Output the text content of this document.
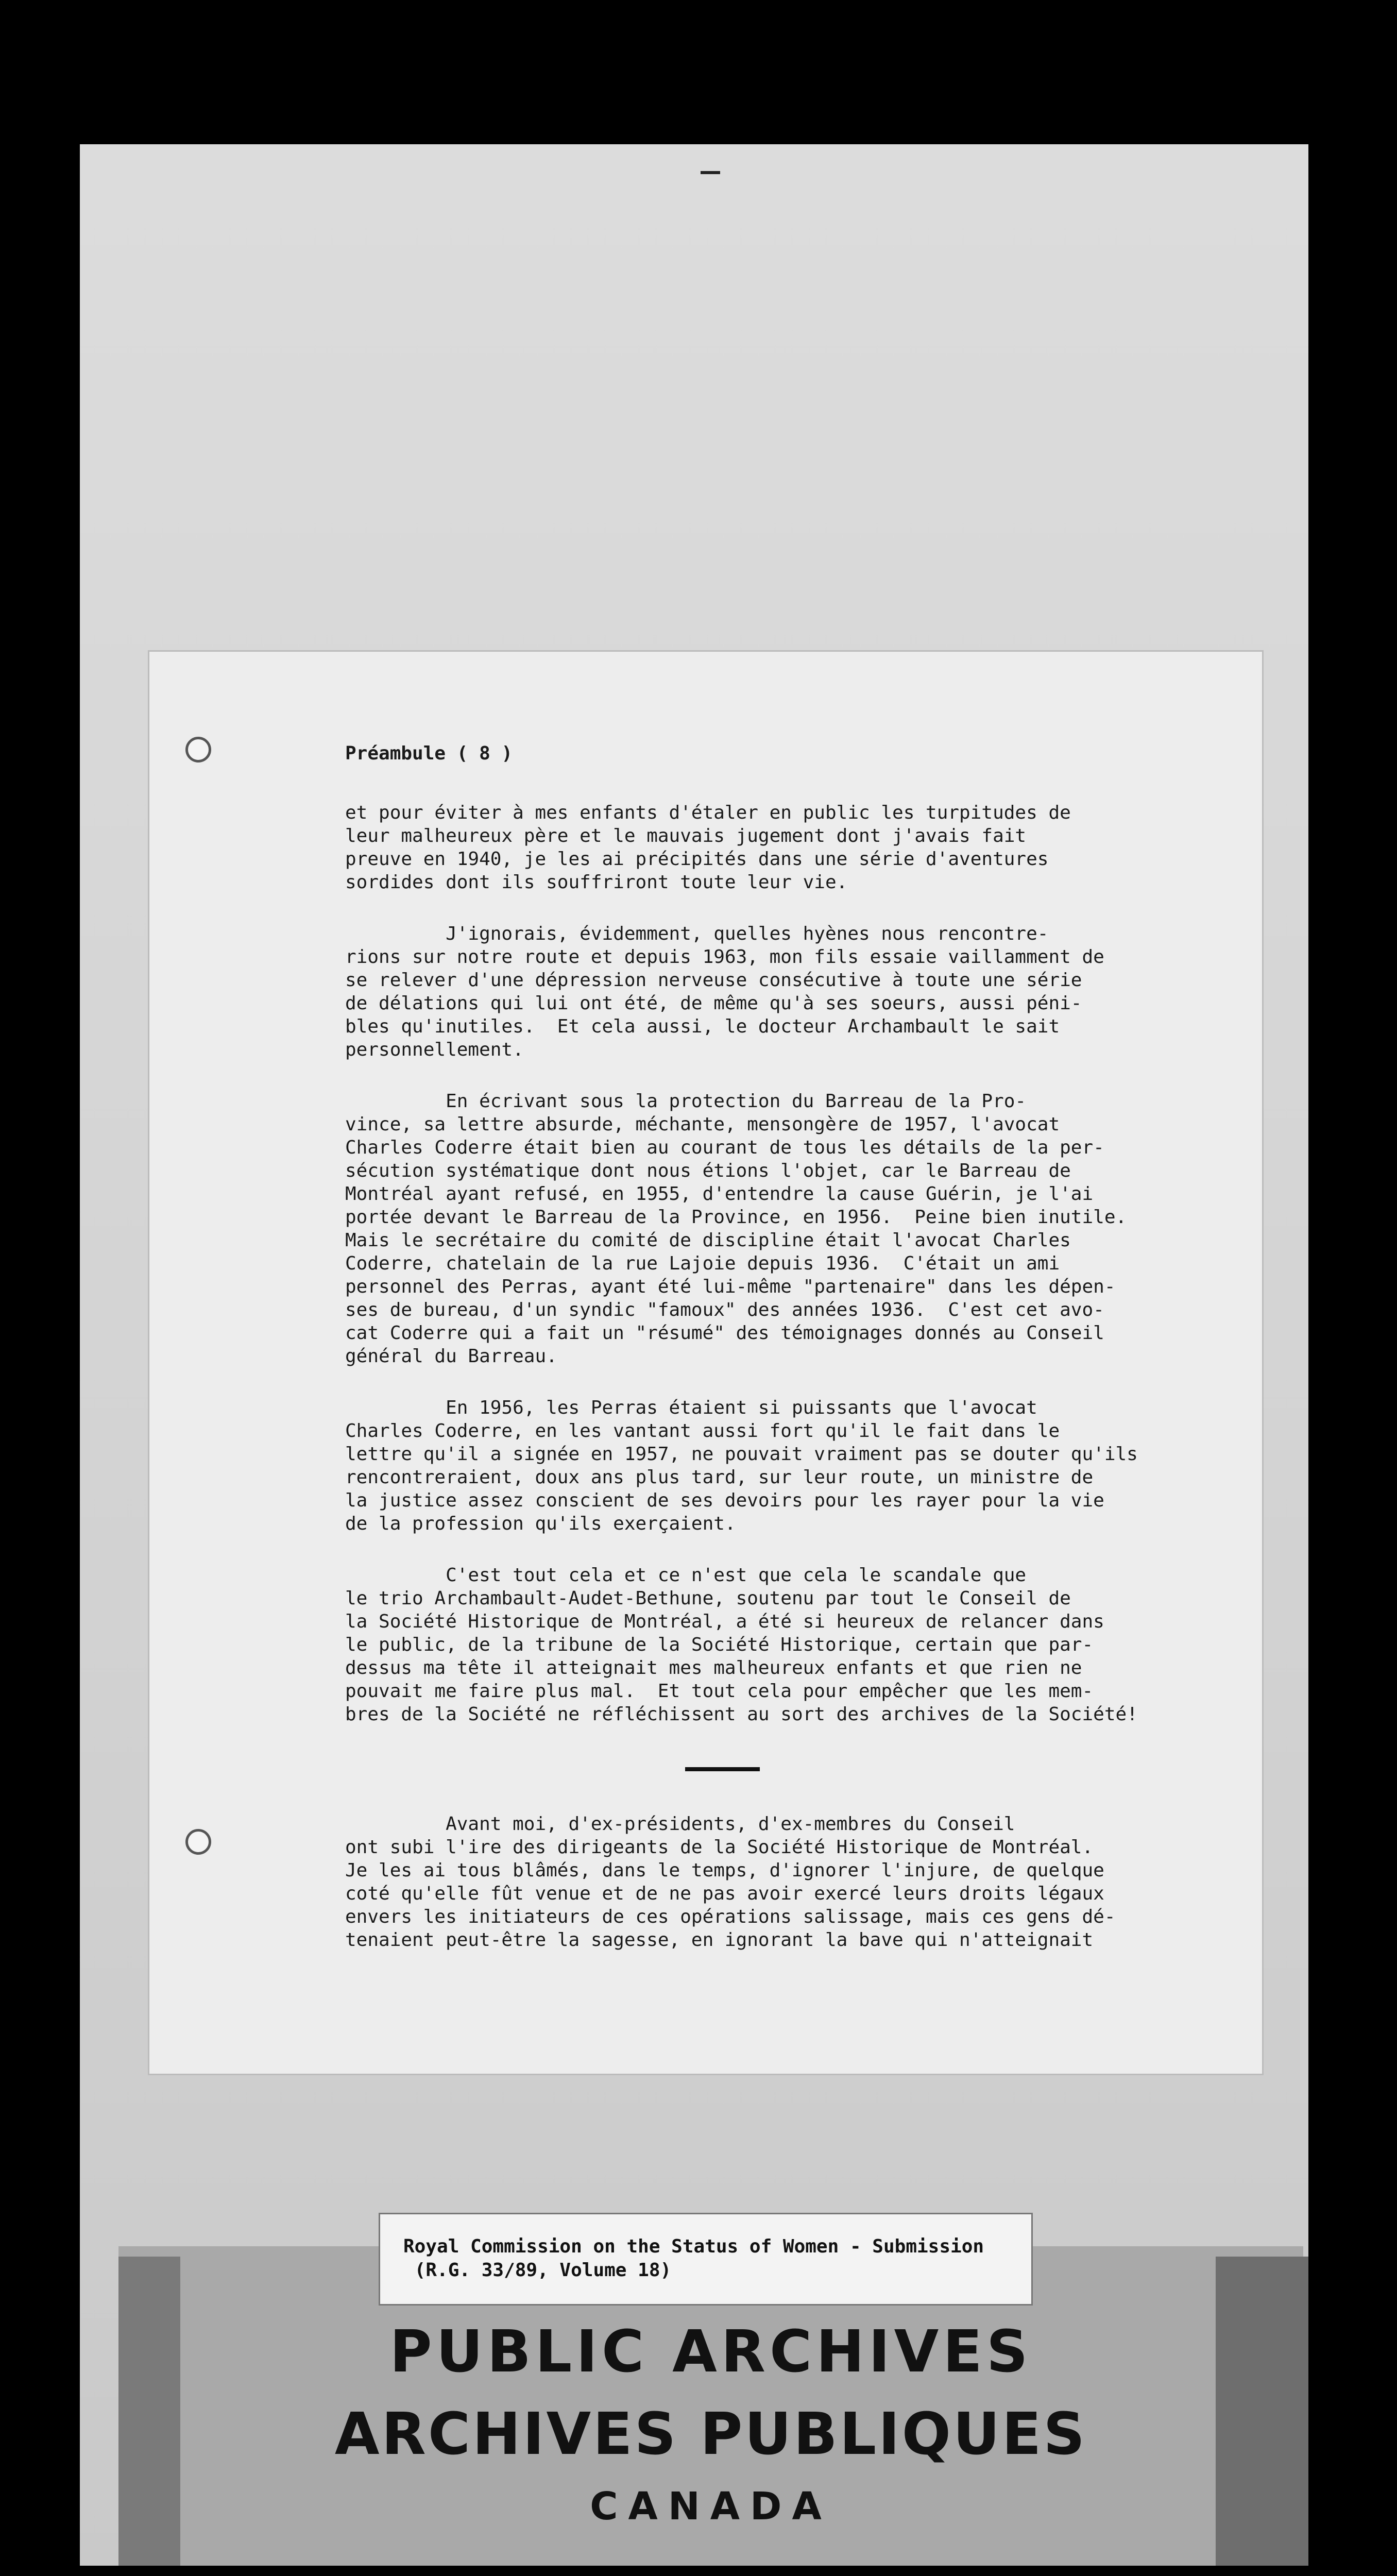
Préambule ( 8 )

et pour éviter à mes enfants d'étaler en public les turpitudes de
leur malheureux père et le mauvais jugement dont j'avais fait
preuve en 1940, je les ai précipités dans une série d'aventures
sordides dont ils souffriront toute leur vie.

J'ignorais, évidemment, quelles hyènes nous rencontre-
rions sur notre route et depuis 1963, mon fils essaie vaillamment de
se relever d'une dépression nerveuse consécutive à toute une série
de délations qui lui ont été, de même qu'à ses soeurs, aussi péni-
bles qu'inutiles.  Et cela aussi, le docteur Archambault le sait
personnellement.

En écrivant sous la protection du Barreau de la Pro-
vince, sa lettre absurde, méchante, mensongère de 1957, l'avocat
Charles Coderre était bien au courant de tous les détails de la per-
sécution systématique dont nous étions l'objet, car le Barreau de
Montréal ayant refusé, en 1955, d'entendre la cause Guérin, je l'ai
portée devant le Barreau de la Province, en 1956.  Peine bien inutile.
Mais le secrétaire du comité de discipline était l'avocat Charles
Coderre, chatelain de la rue Lajoie depuis 1936.  C'était un ami
personnel des Perras, ayant été lui-même "partenaire" dans les dépen-
ses de bureau, d'un syndic "famoux" des années 1936.  C'est cet avo-
cat Coderre qui a fait un "résumé" des témoignages donnés au Conseil
général du Barreau.

En 1956, les Perras étaient si puissants que l'avocat
Charles Coderre, en les vantant aussi fort qu'il le fait dans le
lettre qu'il a signée en 1957, ne pouvait vraiment pas se douter qu'ils
rencontreraient, doux ans plus tard, sur leur route, un ministre de
la justice assez conscient de ses devoirs pour les rayer pour la vie
de la profession qu'ils exerçaient.

C'est tout cela et ce n'est que cela le scandale que
le trio Archambault-Audet-Bethune, soutenu par tout le Conseil de
la Société Historique de Montréal, a été si heureux de relancer dans
le public, de la tribune de la Société Historique, certain que par-
dessus ma tête il atteignait mes malheureux enfants et que rien ne
pouvait me faire plus mal.  Et tout cela pour empêcher que les mem-
bres de la Société ne réfléchissent au sort des archives de la Société!

Avant moi, d'ex-présidents, d'ex-membres du Conseil
ont subi l'ire des dirigeants de la Société Historique de Montréal.
Je les ai tous blâmés, dans le temps, d'ignorer l'injure, de quelque
coté qu'elle fût venue et de ne pas avoir exercé leurs droits légaux
envers les initiateurs de ces opérations salissage, mais ces gens dé-
tenaient peut-être la sagesse, en ignorant la bave qui n'atteignait

Royal Commission on the Status of Women - Submission
(R.G. 33/89, Volume 18)
PUBLIC ARCHIVES
ARCHIVES PUBLIQUES
CANADA
